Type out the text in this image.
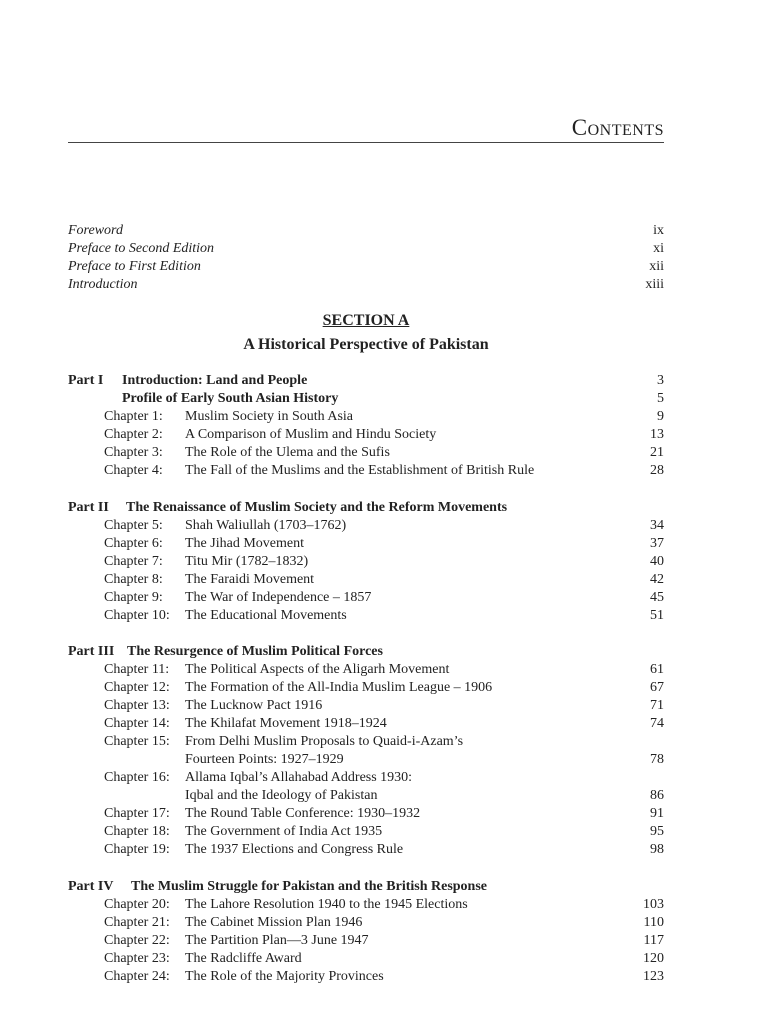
Contents
Foreword	ix
Preface to Second Edition	xi
Preface to First Edition	xii
Introduction	xiii
SECTION A
A Historical Perspective of Pakistan
Part I Introduction: Land and People	3
Profile of Early South Asian History	5
Chapter 1: Muslim Society in South Asia	9
Chapter 2: A Comparison of Muslim and Hindu Society	13
Chapter 3: The Role of the Ulema and the Sufis	21
Chapter 4: The Fall of the Muslims and the Establishment of British Rule	28
Part II The Renaissance of Muslim Society and the Reform Movements
Chapter 5: Shah Waliullah (1703–1762)	34
Chapter 6: The Jihad Movement	37
Chapter 7: Titu Mir (1782–1832)	40
Chapter 8: The Faraidi Movement	42
Chapter 9: The War of Independence – 1857	45
Chapter 10: The Educational Movements	51
Part III The Resurgence of Muslim Political Forces
Chapter 11: The Political Aspects of the Aligarh Movement	61
Chapter 12: The Formation of the All-India Muslim League – 1906	67
Chapter 13: The Lucknow Pact 1916	71
Chapter 14: The Khilafat Movement 1918–1924	74
Chapter 15: From Delhi Muslim Proposals to Quaid-i-Azam’s
Fourteen Points: 1927–1929	78
Chapter 16: Allama Iqbal’s Allahabad Address 1930:
Iqbal and the Ideology of Pakistan	86
Chapter 17: The Round Table Conference: 1930–1932	91
Chapter 18: The Government of India Act 1935	95
Chapter 19: The 1937 Elections and Congress Rule	98
Part IV The Muslim Struggle for Pakistan and the British Response
Chapter 20: The Lahore Resolution 1940 to the 1945 Elections	103
Chapter 21: The Cabinet Mission Plan 1946	110
Chapter 22: The Partition Plan—3 June 1947	117
Chapter 23: The Radcliffe Award	120
Chapter 24: The Role of the Majority Provinces	123
